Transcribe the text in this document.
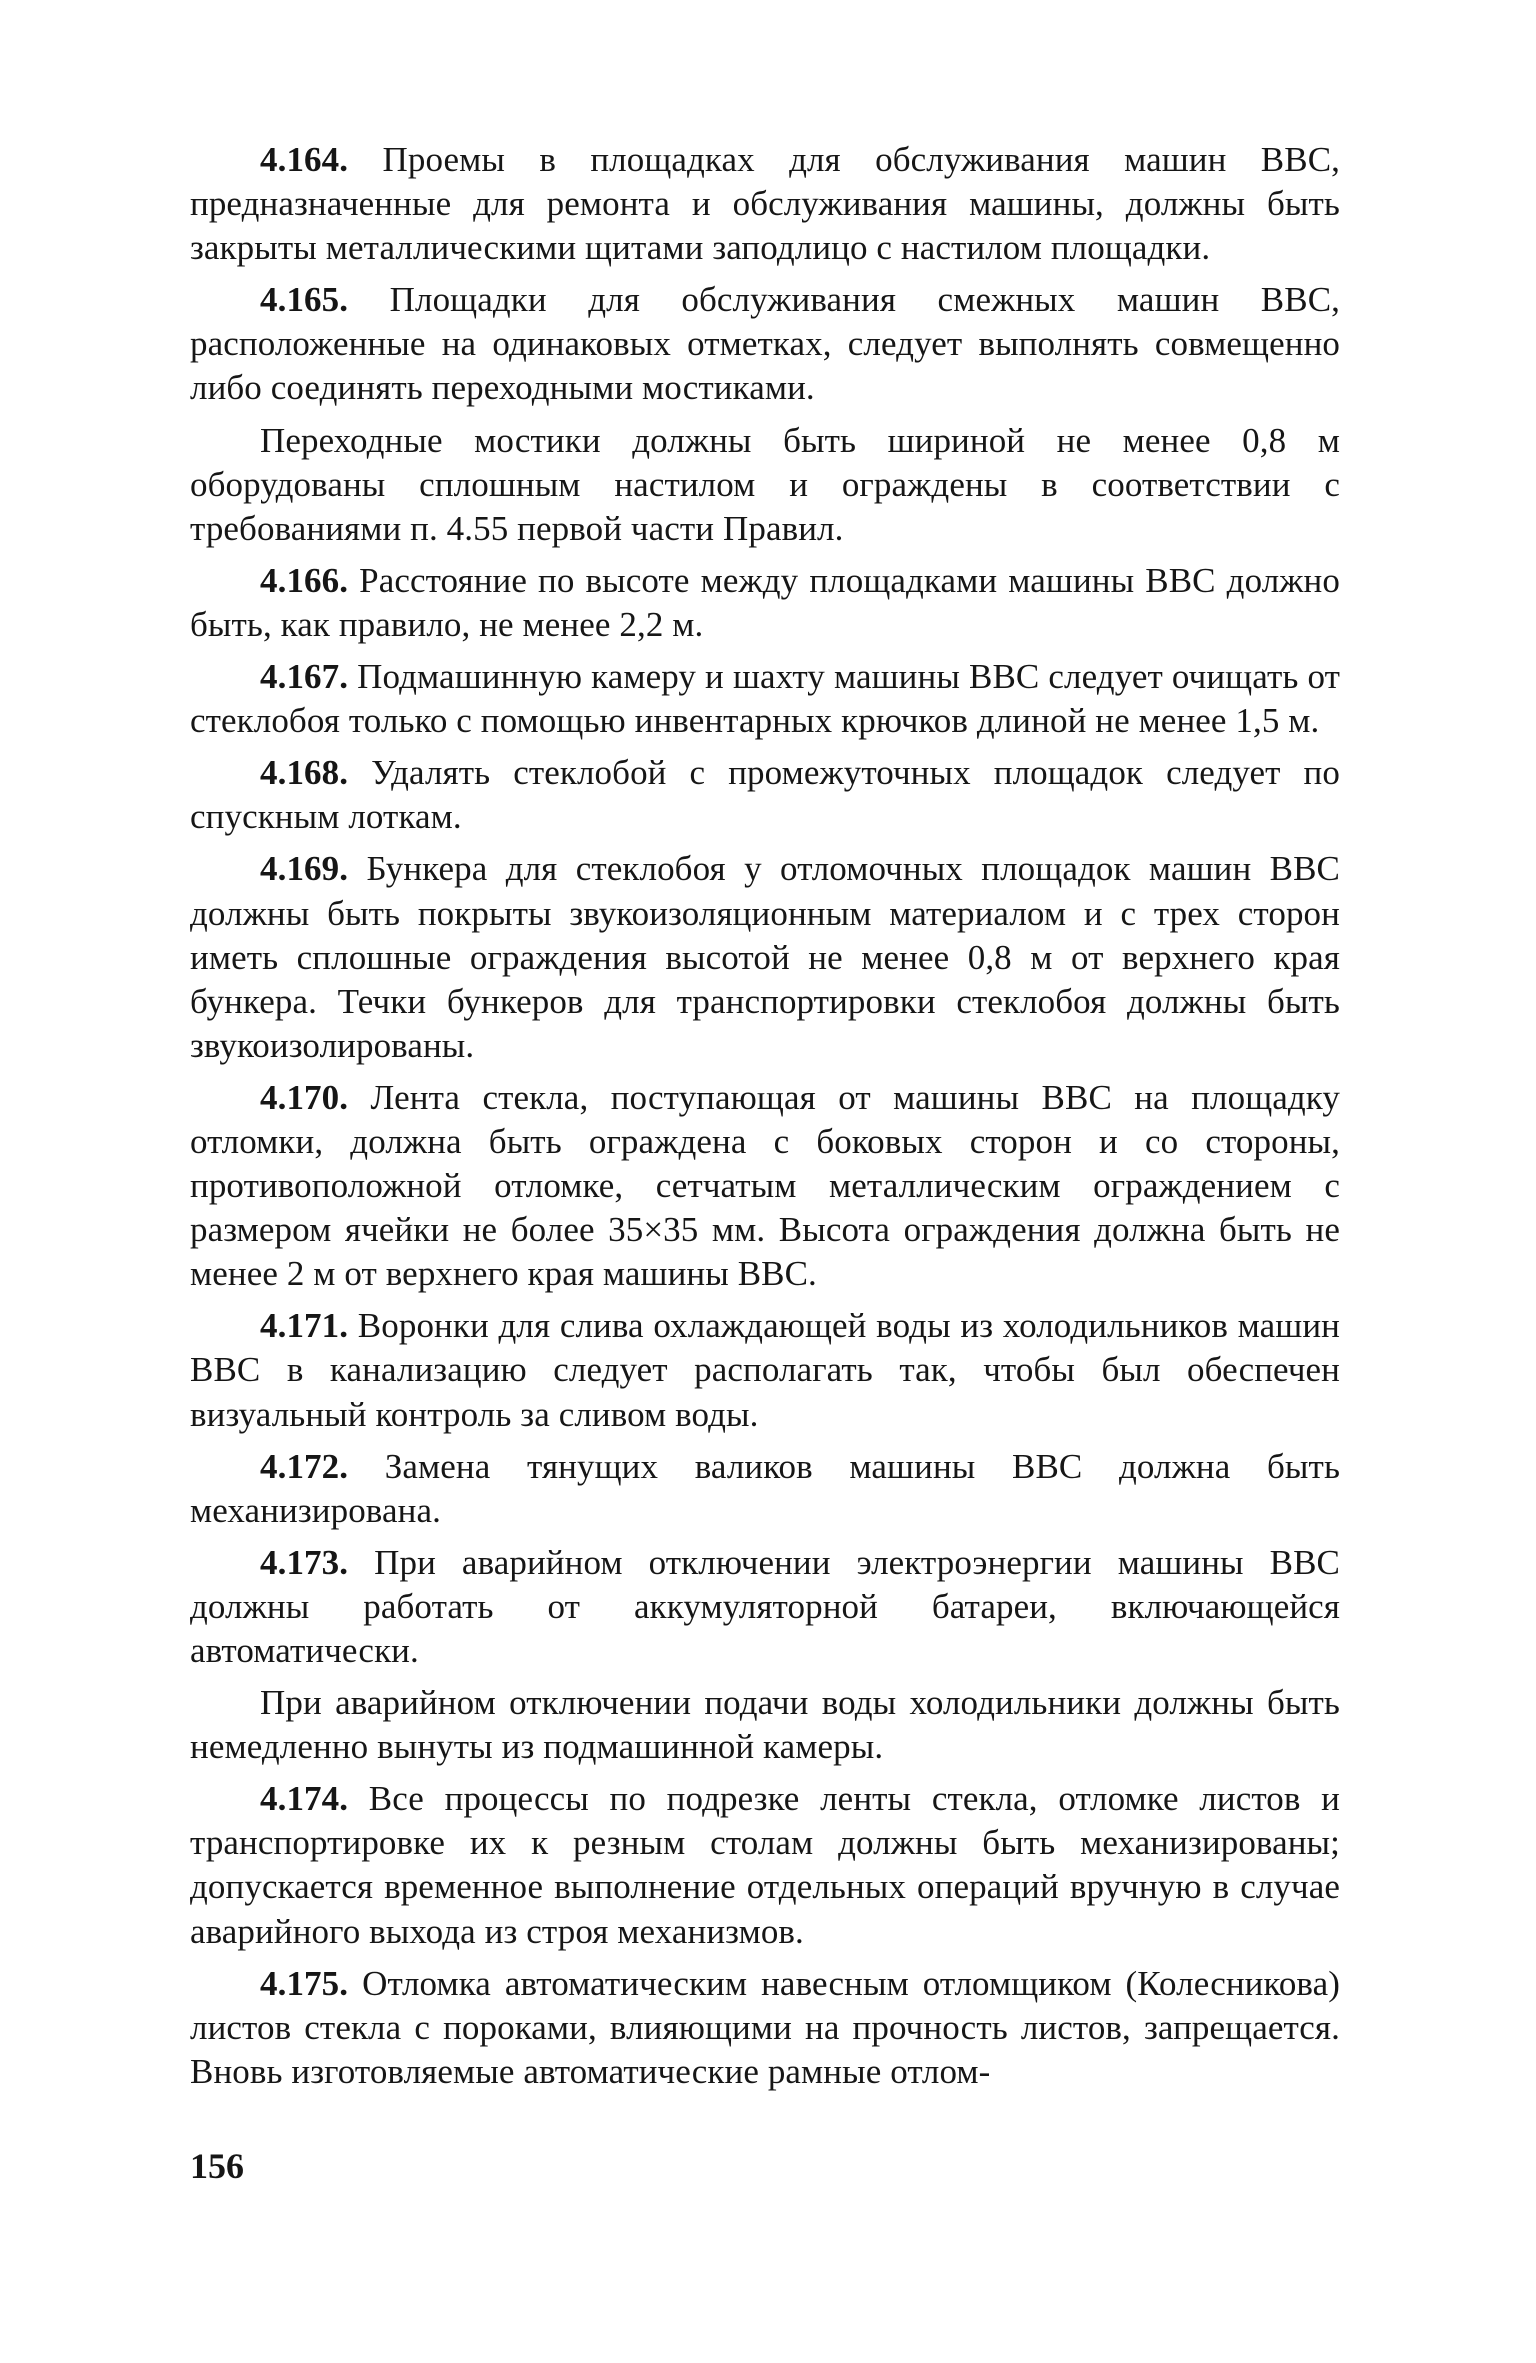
4.164. Проемы в площадках для обслуживания машин ВВС, предназначенные для ремонта и обслуживания машины, должны быть закрыты металлическими щитами заподлицо с настилом площадки.

4.165. Площадки для обслуживания смежных машин ВВС, расположенные на одинаковых отметках, следует выполнять совмещенно либо соединять переходными мостиками.

Переходные мостики должны быть шириной не менее 0,8 м оборудованы сплошным настилом и ограждены в соответствии с требованиями п. 4.55 первой части Правил.

4.166. Расстояние по высоте между площадками машины ВВС должно быть, как правило, не менее 2,2 м.

4.167. Подмашинную камеру и шахту машины ВВС следует очищать от стеклобоя только с помощью инвентарных крючков длиной не менее 1,5 м.

4.168. Удалять стеклобой с промежуточных площадок следует по спускным лоткам.

4.169. Бункера для стеклобоя у отломочных площадок машин ВВС должны быть покрыты звукоизоляционным материалом и с трех сторон иметь сплошные ограждения высотой не менее 0,8 м от верхнего края бункера. Течки бункеров для транспортировки стеклобоя должны быть звукоизолированы.

4.170. Лента стекла, поступающая от машины ВВС на площадку отломки, должна быть ограждена с боковых сторон и со стороны, противоположной отломке, сетчатым металлическим ограждением с размером ячейки не более 35×35 мм. Высота ограждения должна быть не менее 2 м от верхнего края машины ВВС.

4.171. Воронки для слива охлаждающей воды из холодильников машин ВВС в канализацию следует располагать так, чтобы был обеспечен визуальный контроль за сливом воды.

4.172. Замена тянущих валиков машины ВВС должна быть механизирована.

4.173. При аварийном отключении электроэнергии машины ВВС должны работать от аккумуляторной батареи, включающейся автоматически.

При аварийном отключении подачи воды холодильники должны быть немедленно вынуты из подмашинной камеры.

4.174. Все процессы по подрезке ленты стекла, отломке листов и транспортировке их к резным столам должны быть механизированы; допускается временное выполнение отдельных операций вручную в случае аварийного выхода из строя механизмов.

4.175. Отломка автоматическим навесным отломщиком (Колесникова) листов стекла с пороками, влияющими на прочность листов, запрещается. Вновь изготовляемые автоматические рамные отлом-

156
